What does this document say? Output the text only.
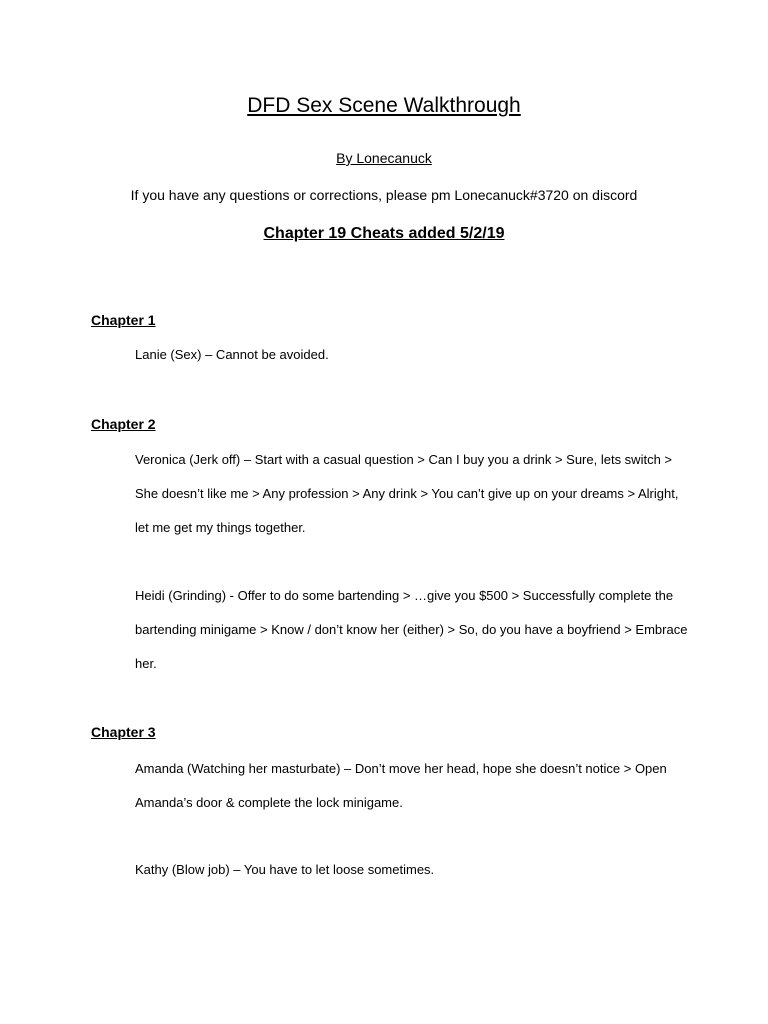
DFD Sex Scene Walkthrough
By Lonecanuck
If you have any questions or corrections, please pm Lonecanuck#3720 on discord
Chapter 19 Cheats added 5/2/19
Chapter 1

Lanie (Sex) – Cannot be avoided.

Chapter 2

Veronica (Jerk off) – Start with a casual question > Can I buy you a drink > Sure, lets switch > She doesn’t like me > Any profession > Any drink > You can’t give up on your dreams > Alright, let me get my things together.

Heidi (Grinding) - Offer to do some bartending > …give you $500 > Successfully complete the bartending minigame > Know / don’t know her (either) > So, do you have a boyfriend > Embrace her.

Chapter 3

Amanda (Watching her masturbate) – Don’t move her head, hope she doesn’t notice > Open Amanda’s door & complete the lock minigame.

Kathy (Blow job) – You have to let loose sometimes.
